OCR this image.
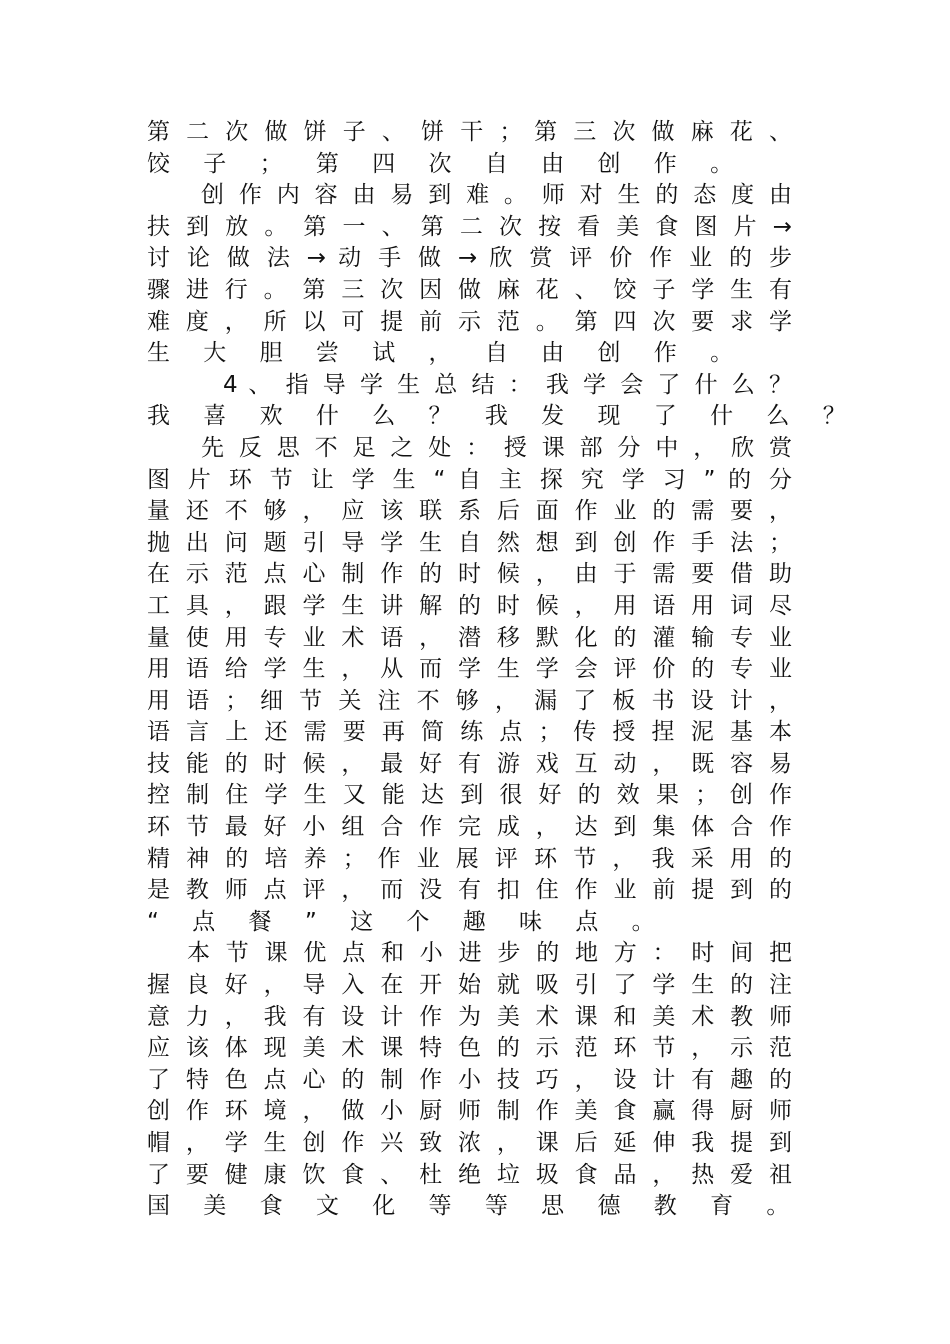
第 二 次 做 饼 子 、 饼 干 ； 第 三 次 做 麻 花 、
饺 子 ； 第 四 次 自 由 创 作 。
创 作 内 容 由 易 到 难 。 师 对 生 的 态 度 由
扶 到 放 。 第 一 、 第 二 次 按 看 美 食 图 片 →
讨 论 做 法 → 动 手 做 → 欣 赏 评 价 作 业 的 步
骤 进 行 。 第 三 次 因 做 麻 花 、 饺 子 学 生 有
难 度 ， 所 以 可 提 前 示 范 。 第 四 次 要 求 学
生 大 胆 尝 试 ， 自 由 创 作 。
4 、 指 导 学 生 总 结 ： 我 学 会 了 什 么 ？
我 喜 欢 什 么 ？ 我 发 现 了 什 么 ？
先 反 思 不 足 之 处 ： 授 课 部 分 中 ， 欣 赏
图 片 环 节 让 学 生 “ 自 主 探 究 学 习 ” 的 分
量 还 不 够 ， 应 该 联 系 后 面 作 业 的 需 要 ，
抛 出 问 题 引 导 学 生 自 然 想 到 创 作 手 法 ；
在 示 范 点 心 制 作 的 时 候 ， 由 于 需 要 借 助
工 具 ， 跟 学 生 讲 解 的 时 候 ， 用 语 用 词 尽
量 使 用 专 业 术 语 ， 潜 移 默 化 的 灌 输 专 业
用 语 给 学 生 ， 从 而 学 生 学 会 评 价 的 专 业
用 语 ； 细 节 关 注 不 够 ， 漏 了 板 书 设 计 ，
语 言 上 还 需 要 再 简 练 点 ； 传 授 捏 泥 基 本
技 能 的 时 候 ， 最 好 有 游 戏 互 动 ， 既 容 易
控 制 住 学 生 又 能 达 到 很 好 的 效 果 ； 创 作
环 节 最 好 小 组 合 作 完 成 ， 达 到 集 体 合 作
精 神 的 培 养 ； 作 业 展 评 环 节 ， 我 采 用 的
是 教 师 点 评 ， 而 没 有 扣 住 作 业 前 提 到 的
“ 点 餐 ” 这 个 趣 味 点 。
本 节 课 优 点 和 小 进 步 的 地 方 ： 时 间 把
握 良 好 ， 导 入 在 开 始 就 吸 引 了 学 生 的 注
意 力 ， 我 有 设 计 作 为 美 术 课 和 美 术 教 师
应 该 体 现 美 术 课 特 色 的 示 范 环 节 ， 示 范
了 特 色 点 心 的 制 作 小 技 巧 ， 设 计 有 趣 的
创 作 环 境 ， 做 小 厨 师 制 作 美 食 赢 得 厨 师
帽 ， 学 生 创 作 兴 致 浓 ， 课 后 延 伸 我 提 到
了 要 健 康 饮 食 、 杜 绝 垃 圾 食 品 ， 热 爱 祖
国 美 食 文 化 等 等 思 德 教 育 。
